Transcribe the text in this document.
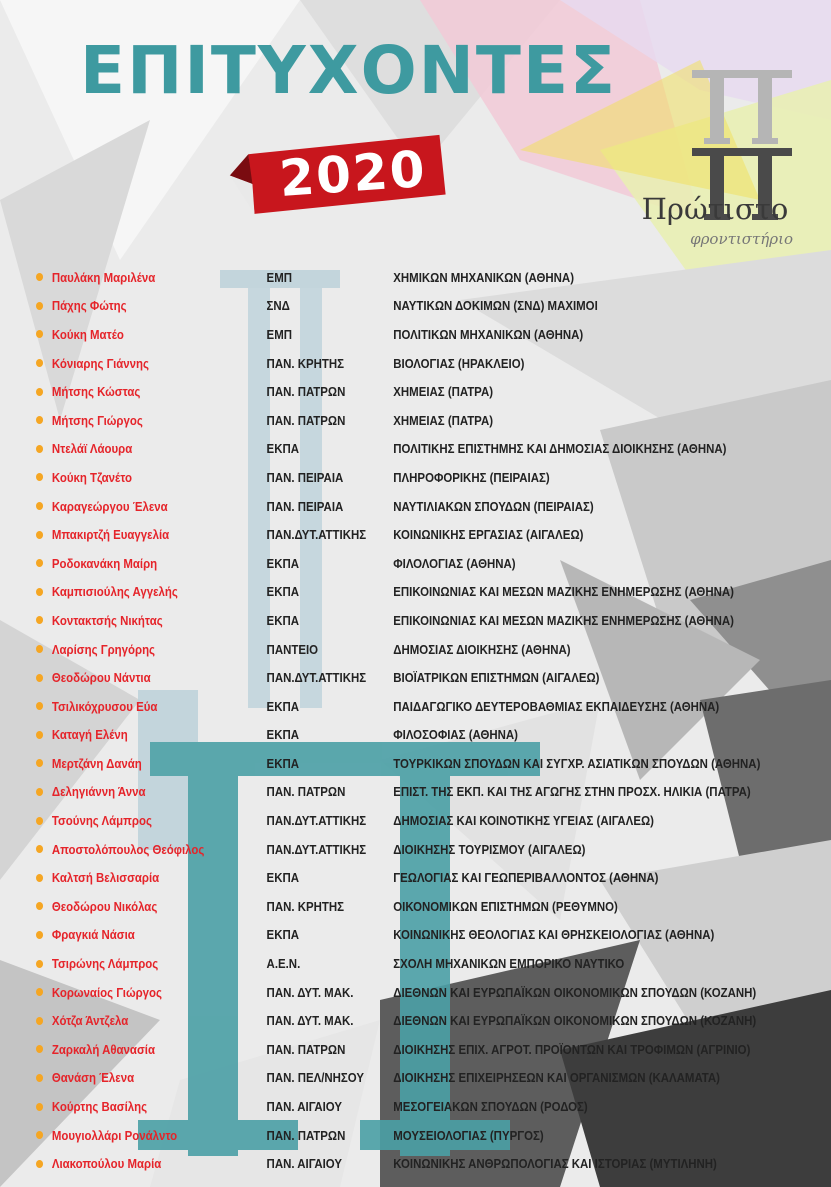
ΕΠΙΤΥΧΟΝΤΕΣ
2020
Πρώτιστο
φροντιστήριο
Παυλάκη Μαριλένα	ΕΜΠ	ΧΗΜΙΚΩΝ ΜΗΧΑΝΙΚΩΝ (ΑΘΗΝΑ)
Πάχης Φώτης	ΣΝΔ	ΝΑΥΤΙΚΩΝ ΔΟΚΙΜΩΝ (ΣΝΔ) ΜΑΧΙΜΟΙ
Κούκη Ματέο	ΕΜΠ	ΠΟΛΙΤΙΚΩΝ ΜΗΧΑΝΙΚΩΝ (ΑΘΗΝΑ)
Κόνιαρης Γιάννης	ΠΑΝ. ΚΡΗΤΗΣ	ΒΙΟΛΟΓΙΑΣ (ΗΡΑΚΛΕΙΟ)
Μήτσης Κώστας	ΠΑΝ. ΠΑΤΡΩΝ	ΧΗΜΕΙΑΣ (ΠΑΤΡΑ)
Μήτσης Γιώργος	ΠΑΝ. ΠΑΤΡΩΝ	ΧΗΜΕΙΑΣ (ΠΑΤΡΑ)
Ντελάϊ Λάουρα	ΕΚΠΑ	ΠΟΛΙΤΙΚΗΣ ΕΠΙΣΤΗΜΗΣ ΚΑΙ ΔΗΜΟΣΙΑΣ ΔΙΟΙΚΗΣΗΣ (ΑΘΗΝΑ)
Κούκη Τζανέτο	ΠΑΝ. ΠΕΙΡΑΙΑ	ΠΛΗΡΟΦΟΡΙΚΗΣ (ΠΕΙΡΑΙΑΣ)
Καραγεώργου Έλενα	ΠΑΝ. ΠΕΙΡΑΙΑ	ΝΑΥΤΙΛΙΑΚΩΝ ΣΠΟΥΔΩΝ (ΠΕΙΡΑΙΑΣ)
Μπακιρτζή Ευαγγελία	ΠΑΝ.ΔΥΤ.ΑΤΤΙΚΗΣ	ΚΟΙΝΩΝΙΚΗΣ ΕΡΓΑΣΙΑΣ (ΑΙΓΑΛΕΩ)
Ροδοκανάκη Μαίρη	ΕΚΠΑ	ΦΙΛΟΛΟΓΙΑΣ (ΑΘΗΝΑ)
Καμπισιούλης Αγγελής	ΕΚΠΑ	ΕΠΙΚΟΙΝΩΝΙΑΣ ΚΑΙ ΜΕΣΩΝ ΜΑΖΙΚΗΣ ΕΝΗΜΕΡΩΣΗΣ (ΑΘΗΝΑ)
Κοντακτσής Νικήτας	ΕΚΠΑ	ΕΠΙΚΟΙΝΩΝΙΑΣ ΚΑΙ ΜΕΣΩΝ ΜΑΖΙΚΗΣ ΕΝΗΜΕΡΩΣΗΣ (ΑΘΗΝΑ)
Λαρίσης Γρηγόρης	ΠΑΝΤΕΙΟ	ΔΗΜΟΣΙΑΣ ΔΙΟΙΚΗΣΗΣ (ΑΘΗΝΑ)
Θεοδώρου Νάντια	ΠΑΝ.ΔΥΤ.ΑΤΤΙΚΗΣ	ΒΙΟΪΑΤΡΙΚΩΝ ΕΠΙΣΤΗΜΩΝ (ΑΙΓΑΛΕΩ)
Τσιλικόχρυσου Εύα	ΕΚΠΑ	ΠΑΙΔΑΓΩΓΙΚΟ ΔΕΥΤΕΡΟΒΑΘΜΙΑΣ ΕΚΠΑΙΔΕΥΣΗΣ (ΑΘΗΝΑ)
Καταγή Ελένη	ΕΚΠΑ	ΦΙΛΟΣΟΦΙΑΣ (ΑΘΗΝΑ)
Μερτζάνη Δανάη	ΕΚΠΑ	ΤΟΥΡΚΙΚΩΝ ΣΠΟΥΔΩΝ ΚΑΙ ΣΥΓΧΡ. ΑΣΙΑΤΙΚΩΝ ΣΠΟΥΔΩΝ (ΑΘΗΝΑ)
Δεληγιάννη Άννα	ΠΑΝ. ΠΑΤΡΩΝ	ΕΠΙΣΤ. ΤΗΣ ΕΚΠ. ΚΑΙ ΤΗΣ ΑΓΩΓΗΣ ΣΤΗΝ ΠΡΟΣΧ. ΗΛΙΚΙΑ (ΠΑΤΡΑ)
Τσούνης Λάμπρος	ΠΑΝ.ΔΥΤ.ΑΤΤΙΚΗΣ	ΔΗΜΟΣΙΑΣ ΚΑΙ ΚΟΙΝΟΤΙΚΗΣ ΥΓΕΙΑΣ (ΑΙΓΑΛΕΩ)
Αποστολόπουλος Θεόφιλος	ΠΑΝ.ΔΥΤ.ΑΤΤΙΚΗΣ	ΔΙΟΙΚΗΣΗΣ ΤΟΥΡΙΣΜΟΥ (ΑΙΓΑΛΕΩ)
Καλτσή Βελισσαρία	ΕΚΠΑ	ΓΕΩΛΟΓΙΑΣ ΚΑΙ ΓΕΩΠΕΡΙΒΑΛΛΟΝΤΟΣ (ΑΘΗΝΑ)
Θεοδώρου Νικόλας	ΠΑΝ. ΚΡΗΤΗΣ	ΟΙΚΟΝΟΜΙΚΩΝ ΕΠΙΣΤΗΜΩΝ (ΡΕΘΥΜΝΟ)
Φραγκιά Νάσια	ΕΚΠΑ	ΚΟΙΝΩΝΙΚΗΣ ΘΕΟΛΟΓΙΑΣ ΚΑΙ ΘΡΗΣΚΕΙΟΛΟΓΙΑΣ (ΑΘΗΝΑ)
Τσιρώνης Λάμπρος	Α.Ε.Ν.	ΣΧΟΛΗ ΜΗΧΑΝΙΚΩΝ ΕΜΠΟΡΙΚΟ ΝΑΥΤΙΚΟ
Κορωναίος Γιώργος	ΠΑΝ. ΔΥΤ. ΜΑΚ.	ΔΙΕΘΝΩΝ ΚΑΙ ΕΥΡΩΠΑΪΚΩΝ ΟΙΚΟΝΟΜΙΚΩΝ ΣΠΟΥΔΩΝ (ΚΟΖΑΝΗ)
Χότζα Άντζελα	ΠΑΝ. ΔΥΤ. ΜΑΚ.	ΔΙΕΘΝΩΝ ΚΑΙ ΕΥΡΩΠΑΪΚΩΝ ΟΙΚΟΝΟΜΙΚΩΝ ΣΠΟΥΔΩΝ (ΚΟΖΑΝΗ)
Ζαρκαλή Αθανασία	ΠΑΝ. ΠΑΤΡΩΝ	ΔΙΟΙΚΗΣΗΣ ΕΠΙΧ. ΑΓΡΟΤ. ΠΡΟΪΟΝΤΩΝ ΚΑΙ ΤΡΟΦΙΜΩΝ (ΑΓΡΙΝΙΟ)
Θανάση Έλενα	ΠΑΝ. ΠΕΛ/ΝΗΣΟΥ	ΔΙΟΙΚΗΣΗΣ ΕΠΙΧΕΙΡΗΣΕΩΝ ΚΑΙ ΟΡΓΑΝΙΣΜΩΝ (ΚΑΛΑΜΑΤΑ)
Κούρτης Βασίλης	ΠΑΝ. ΑΙΓΑΙΟΥ	ΜΕΣΟΓΕΙΑΚΩΝ ΣΠΟΥΔΩΝ (ΡΟΔΟΣ)
Μουγιολλάρι Ρονάλντο	ΠΑΝ. ΠΑΤΡΩΝ	ΜΟΥΣΕΙΟΛΟΓΙΑΣ (ΠΥΡΓΟΣ)
Λιακοπούλου Μαρία	ΠΑΝ. ΑΙΓΑΙΟΥ	ΚΟΙΝΩΝΙΚΗΣ ΑΝΘΡΩΠΟΛΟΓΙΑΣ ΚΑΙ ΙΣΤΟΡΙΑΣ (ΜΥΤΙΛΗΝΗ)
